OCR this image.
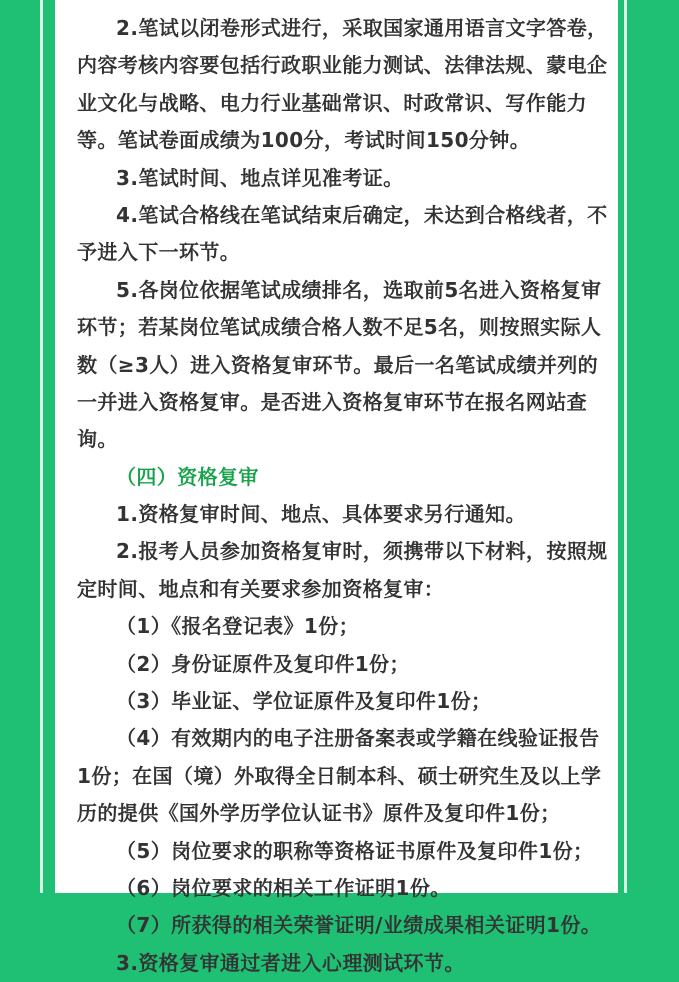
2.笔试以闭卷形式进行，采取国家通用语言文字答卷，
内容考核内容要包括行政职业能力测试、法律法规、蒙电企
业文化与战略、电力行业基础常识、时政常识、写作能力
等。笔试卷面成绩为100分，考试时间150分钟。
3.笔试时间、地点详见准考证。
4.笔试合格线在笔试结束后确定，未达到合格线者，不
予进入下一环节。
5.各岗位依据笔试成绩排名，选取前5名进入资格复审
环节；若某岗位笔试成绩合格人数不足5名，则按照实际人
数（≥3人）进入资格复审环节。最后一名笔试成绩并列的
一并进入资格复审。是否进入资格复审环节在报名网站查
询。
（四）资格复审
1.资格复审时间、地点、具体要求另行通知。
2.报考人员参加资格复审时，须携带以下材料，按照规
定时间、地点和有关要求参加资格复审：
（1）《报名登记表》1份；
（2）身份证原件及复印件1份；
（3）毕业证、学位证原件及复印件1份；
（4）有效期内的电子注册备案表或学籍在线验证报告
1份；在国（境）外取得全日制本科、硕士研究生及以上学
历的提供《国外学历学位认证书》原件及复印件1份；
（5）岗位要求的职称等资格证书原件及复印件1份；
（6）岗位要求的相关工作证明1份。
（7）所获得的相关荣誉证明/业绩成果相关证明1份。
3.资格复审通过者进入心理测试环节。
